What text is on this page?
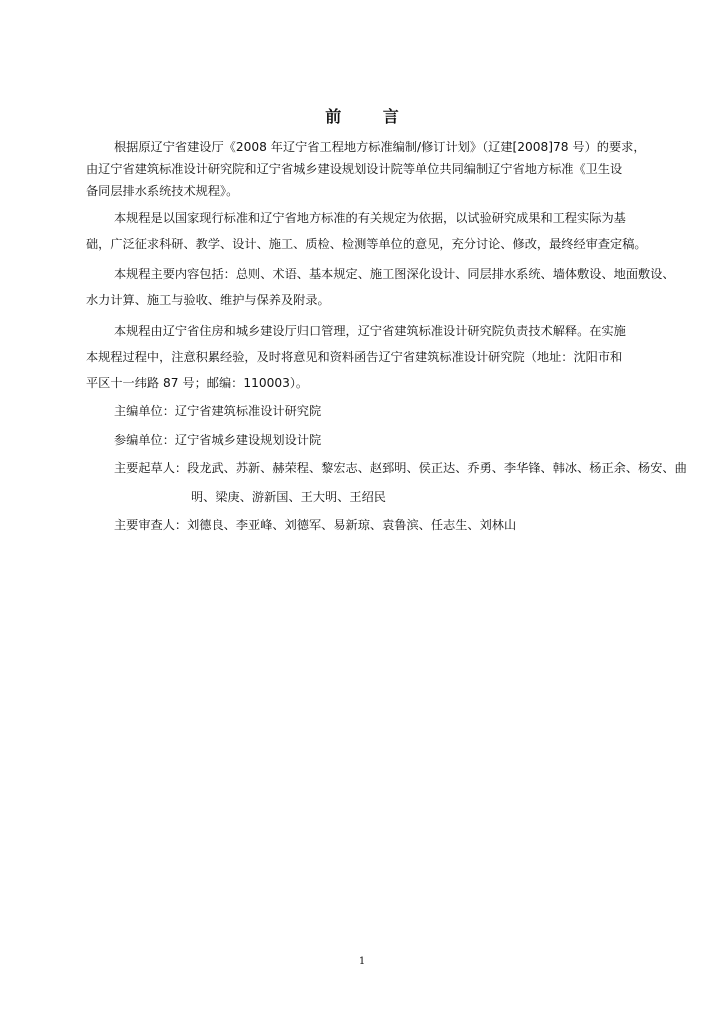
前 言
根据原辽宁省建设厅《2008 年辽宁省工程地方标准编制/修订计划》（辽建[2008]78 号）的要求，
由辽宁省建筑标准设计研究院和辽宁省城乡建设规划设计院等单位共同编制辽宁省地方标准《卫生设
备同层排水系统技术规程》。
本规程是以国家现行标准和辽宁省地方标准的有关规定为依据，以试验研究成果和工程实际为基
础，广泛征求科研、教学、设计、施工、质检、检测等单位的意见，充分讨论、修改，最终经审查定稿。
本规程主要内容包括：总则、术语、基本规定、施工图深化设计、同层排水系统、墙体敷设、地面敷设、
水力计算、施工与验收、维护与保养及附录。
本规程由辽宁省住房和城乡建设厅归口管理，辽宁省建筑标准设计研究院负责技术解释。在实施
本规程过程中，注意积累经验，及时将意见和资料函告辽宁省建筑标准设计研究院（地址：沈阳市和
平区十一纬路 87 号；邮编：110003）。
主编单位：辽宁省建筑标准设计研究院
参编单位：辽宁省城乡建设规划设计院
主要起草人：段龙武、苏新、赫荣程、黎宏志、赵郅明、侯正达、乔勇、李华锋、韩冰、杨正余、杨安、曲
明、梁庚、游新国、王大明、王绍民
主要审查人：刘德良、李亚峰、刘德军、易新琼、袁鲁滨、任志生、刘林山
1
